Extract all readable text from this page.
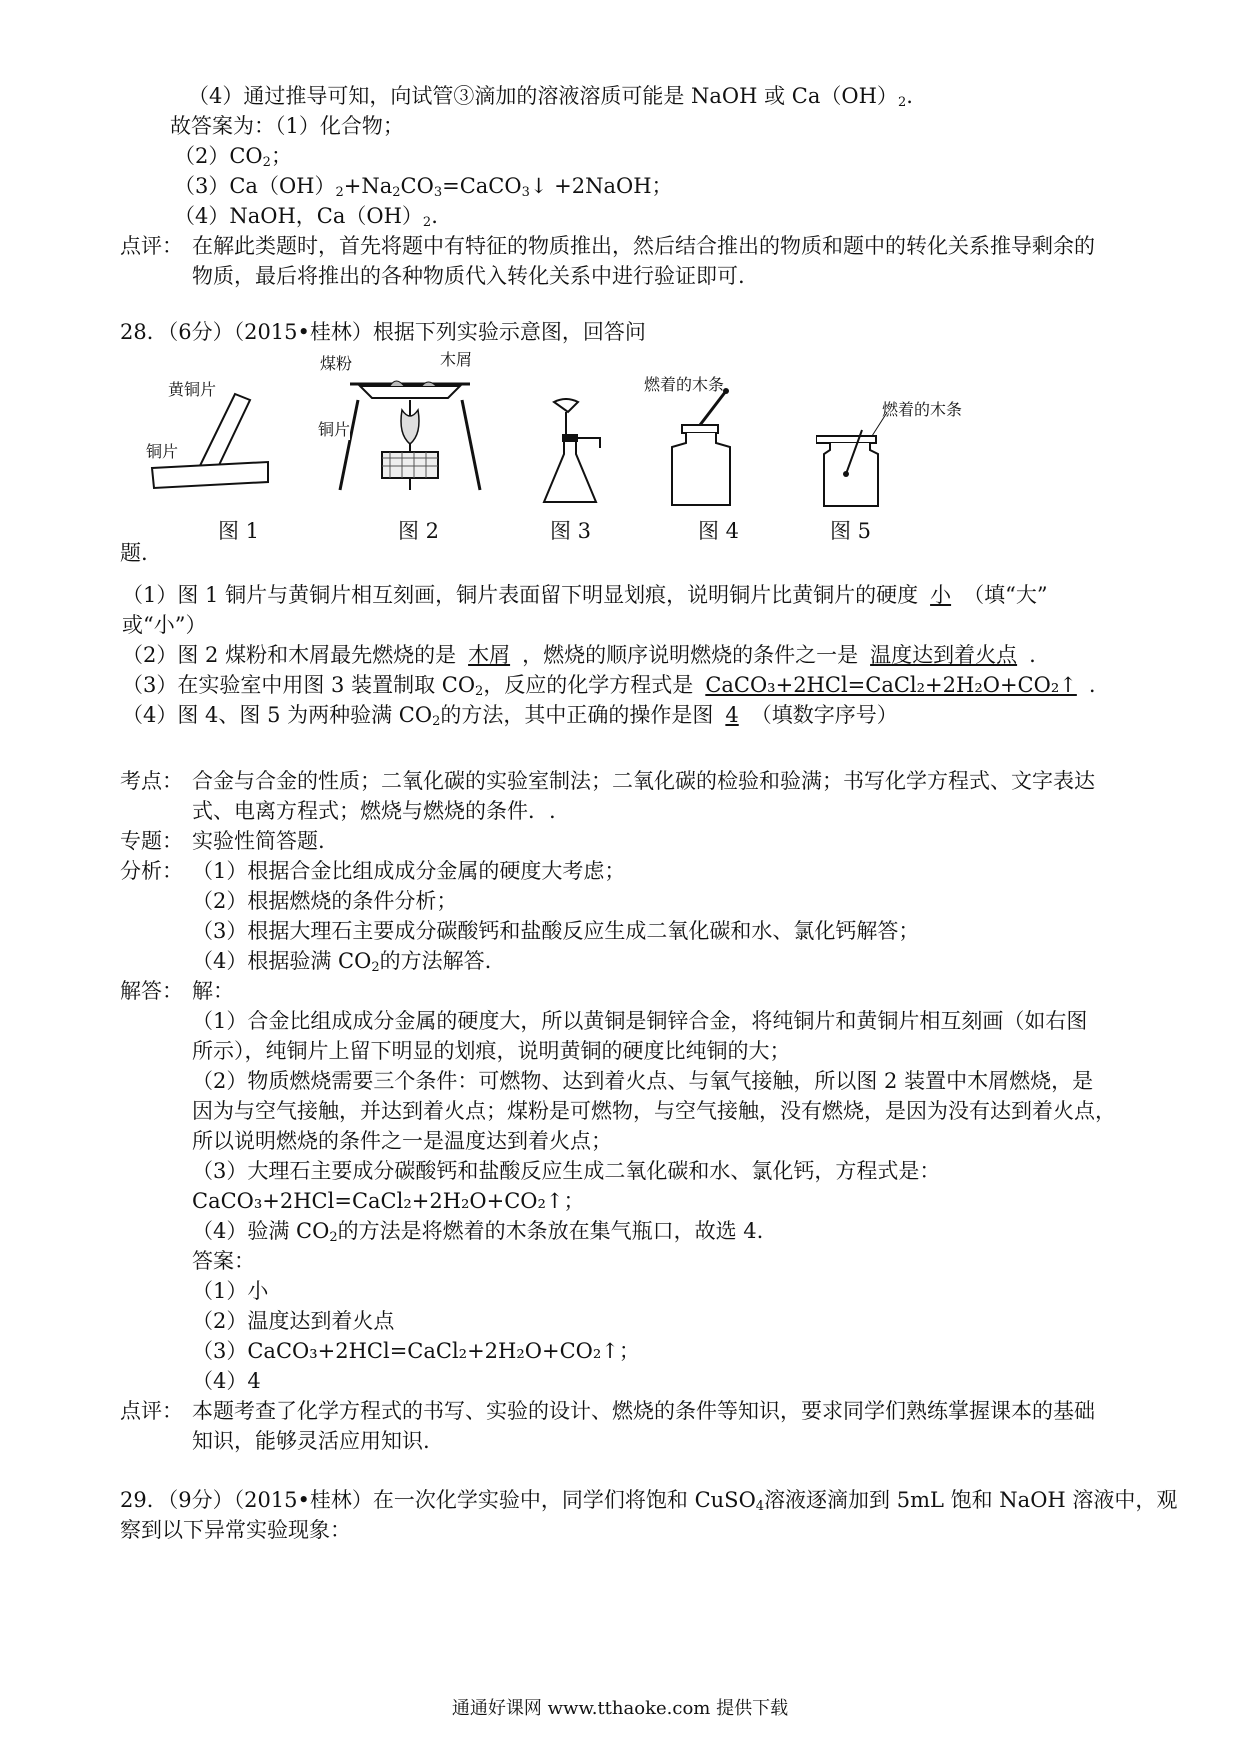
（4）通过推导可知，向试管③滴加的溶液溶质可能是 NaOH 或 $Ca(OH)_2$.
故答案为：（1）化合物；
$(2)CO_2$；
$(3)Ca(OH)_2+Na_2CO_3=CaCO_3↓$ +2NaOH；
（4）NaOH，$Ca(OH)_2$.
点评： 在解此类题时，首先将题中有特征的物质推出，然后结合推出的物质和题中的转化关系推导剩余的
物质，最后将推出的各种物质代入转化关系中进行验证即可.
28．（6分）（2015•桂林）根据下列实验示意图，回答问
黄铜片
铜片
图 1
煤粉	木屑
铜片
图 2	图 3
燃着的木条
图 4
燃着的木条
图 5
题.
（1）图 1 铜片与黄铜片相互刻画，铜片表面留下明显划痕，说明铜片比黄铜片的硬度 小 （填“大”
或“小”）
（2）图 2 煤粉和木屑最先燃烧的是 木屑 ，燃烧的顺序说明燃烧的条件之一是 温度达到着火点 .
（3）在实验室中用图 3 装置制取 $CO_2$，反应的化学方程式是 CaCO₃+2HCl=CaCl₂+2H₂O+CO₂↑ .
（4）图 4、图 5 为两种验满 $CO_2$的方法，其中正确的操作是图 4 （填数字序号）
考点： 合金与合金的性质；二氧化碳的实验室制法；二氧化碳的检验和验满；书写化学方程式、文字表达
式、电离方程式；燃烧与燃烧的条件．.
专题： 实验性简答题.
分析： （1）根据合金比组成成分金属的硬度大考虑；
（2）根据燃烧的条件分析；
（3）根据大理石主要成分碳酸钙和盐酸反应生成二氧化碳和水、氯化钙解答；
（4）根据验满 $CO_2$的方法解答.
解答： 解：
（1）合金比组成成分金属的硬度大，所以黄铜是铜锌合金，将纯铜片和黄铜片相互刻画（如右图
所示），纯铜片上留下明显的划痕，说明黄铜的硬度比纯铜的大；
（2）物质燃烧需要三个条件：可燃物、达到着火点、与氧气接触，所以图 2 装置中木屑燃烧，是
因为与空气接触，并达到着火点；煤粉是可燃物，与空气接触，没有燃烧，是因为没有达到着火点，
所以说明燃烧的条件之一是温度达到着火点；
（3）大理石主要成分碳酸钙和盐酸反应生成二氧化碳和水、氯化钙，方程式是：
CaCO₃+2HCl=CaCl₂+2H₂O+CO₂↑；
（4）验满 $CO_2$的方法是将燃着的木条放在集气瓶口，故选 4.
答案：
（1）小
（2）温度达到着火点
（3）CaCO₃+2HCl=CaCl₂+2H₂O+CO₂↑；
（4）4
点评： 本题考查了化学方程式的书写、实验的设计、燃烧的条件等知识，要求同学们熟练掌握课本的基础
知识，能够灵活应用知识.
29．（9分）（2015•桂林）在一次化学实验中，同学们将饱和 CuSO$_4$溶液逐滴加到 5mL 饱和 NaOH 溶液中，观
察到以下异常实验现象：
通通好课网 www.tthaoke.com 提供下载
